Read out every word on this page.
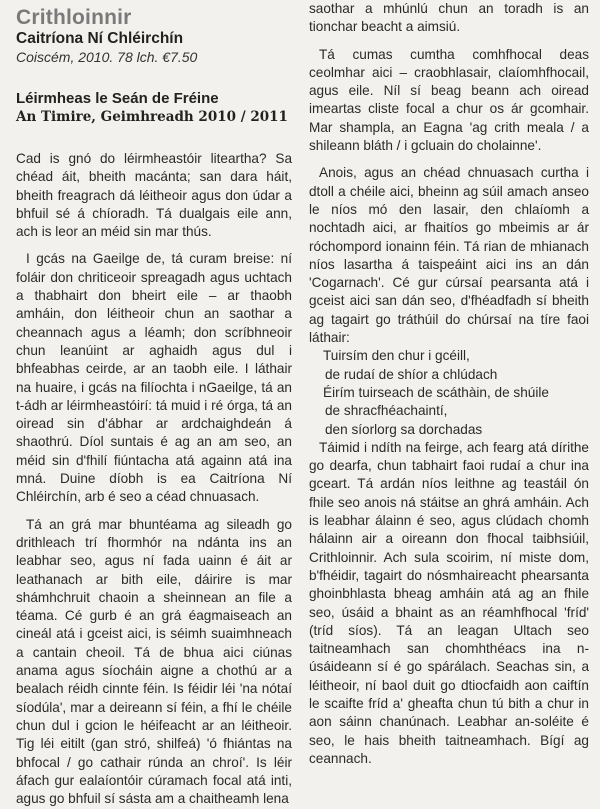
Crithloinnir
Caitríona Ní Chléirchín
Coiscém, 2010. 78 lch. €7.50
Léirmheas le Seán de Fréine
An Timire, Geimhreadh 2010 / 2011

Cad is gnó do léirmheastóir liteartha? Sa chéad áit, bheith macánta; san dara háit, bheith freagrach dá léitheoir agus don údar a bhfuil sé á chíoradh. Tá dualgais eile ann, ach is leor an méid sin mar thús.

I gcás na Gaeilge de, tá curam breise: ní foláir don chriticeoir spreagadh agus uchtach a thabhairt don bheirt eile – ar thaobh amháin, don léitheoir chun an saothar a cheannach agus a léamh; don scríbhneoir chun leanúint ar aghaidh agus dul i bhfeabhas ceirde, ar an taobh eile. I láthair na huaire, i gcás na filíochta i nGaeilge, tá an t-ádh ar léirmheastóirí: tá muid i ré órga, tá an oiread sin d'ábhar ar ardchaighdeán á shaothrú. Díol suntais é ag an am seo, an méid sin d'fhilí fiúntacha atá againn atá ina mná. Duine díobh is ea Caitríona Ní Chléirchín, arb é seo a céad chnuasach.

Tá an grá mar bhuntéama ag sileadh go drithleach trí fhormhór na ndánta ins an leabhar seo, agus ní fada uainn é áit ar leathanach ar bith eile, dáirire is mar shámhchruit chaoin a sheinnean an file a téama. Cé gurb é an grá éagmaiseach an cineál atá i gceist aici, is séimh suaimhneach a cantain cheoil. Tá de bhua aici ciúnas anama agus síocháin aigne a chothú ar a bealach réidh cinnte féin. Is féidir léi 'na nótaí síodúla', mar a deireann sí féin, a fhí le chéile chun dul i gcion le héifeacht ar an léitheoir. Tig léi eitilt (gan stró, shilfeá) 'ó fhiántas na bhfocal / go cathair rúnda an chroí'. Is léir áfach gur ealaíontóir cúramach focal atá inti, agus go bhfuil sí sásta am a chaitheamh lena

saothar a mhúnlú chun an toradh is an tionchar beacht a aimsiú.

Tá cumas cumtha comhfhocal deas ceolmhar aici – craobhlasair, claíomhfhocail, agus eile. Níl sí beag beann ach oiread imeartas cliste focal a chur os ár gcomhair. Mar shampla, an Eagna 'ag crith meala / a shileann bláth / i gcluain do cholainne'.

Anois, agus an chéad chnuasach curtha i dtoll a chéile aici, bheinn ag súil amach anseo le níos mó den lasair, den chlaíomh a nochtadh aici, ar fhaitíos go mbeimis ar ár róchompord ionainn féin. Tá rian de mhianach níos lasartha á taispeáint aici ins an dán 'Cogarnach'. Cé gur cúrsaí pearsanta atá i gceist aici san dán seo, d'fhéadfadh sí bheith ag tagairt go tráthúil do chúrsaí na tíre faoi láthair:

Tuirsím den chur i gcéill,
de rudaí de shíor a chlúdach
Éirím tuirseach de scáthàin, de shúile
de shracfhéachaintí,
den síorlorg sa dorchadas

Táimid i ndíth na feirge, ach fearg atá dírithe go dearfa, chun tabhairt faoi rudaí a chur ina gceart. Tá ardán níos leithne ag teastáil ón fhile seo anois ná stáitse an ghrá amháin. Ach is leabhar álainn é seo, agus clúdach chomh hálainn air a oireann don fhocal taibhsiúil, Crithloinnir. Ach sula scoirim, ní miste dom, b'fhéidir, tagairt do nósmhaireacht phearsanta ghoinbhlasta bheag amháin atá ag an fhile seo, úsáid a bhaint as an réamhfhocal 'fríd' (tríd síos). Tá an leagan Ultach seo taitneamhach san chomhthéacs ina n-úsáideann sí é go spárálach. Seachas sin, a léitheoir, ní baol duit go dtiocfaidh aon caiftín le scaifte fríd a' gheafta chun tú bith a chur in aon sáinn chanúnach. Leabhar an-soléite é seo, le hais bheith taitneamhach. Bígí ag ceannach.
